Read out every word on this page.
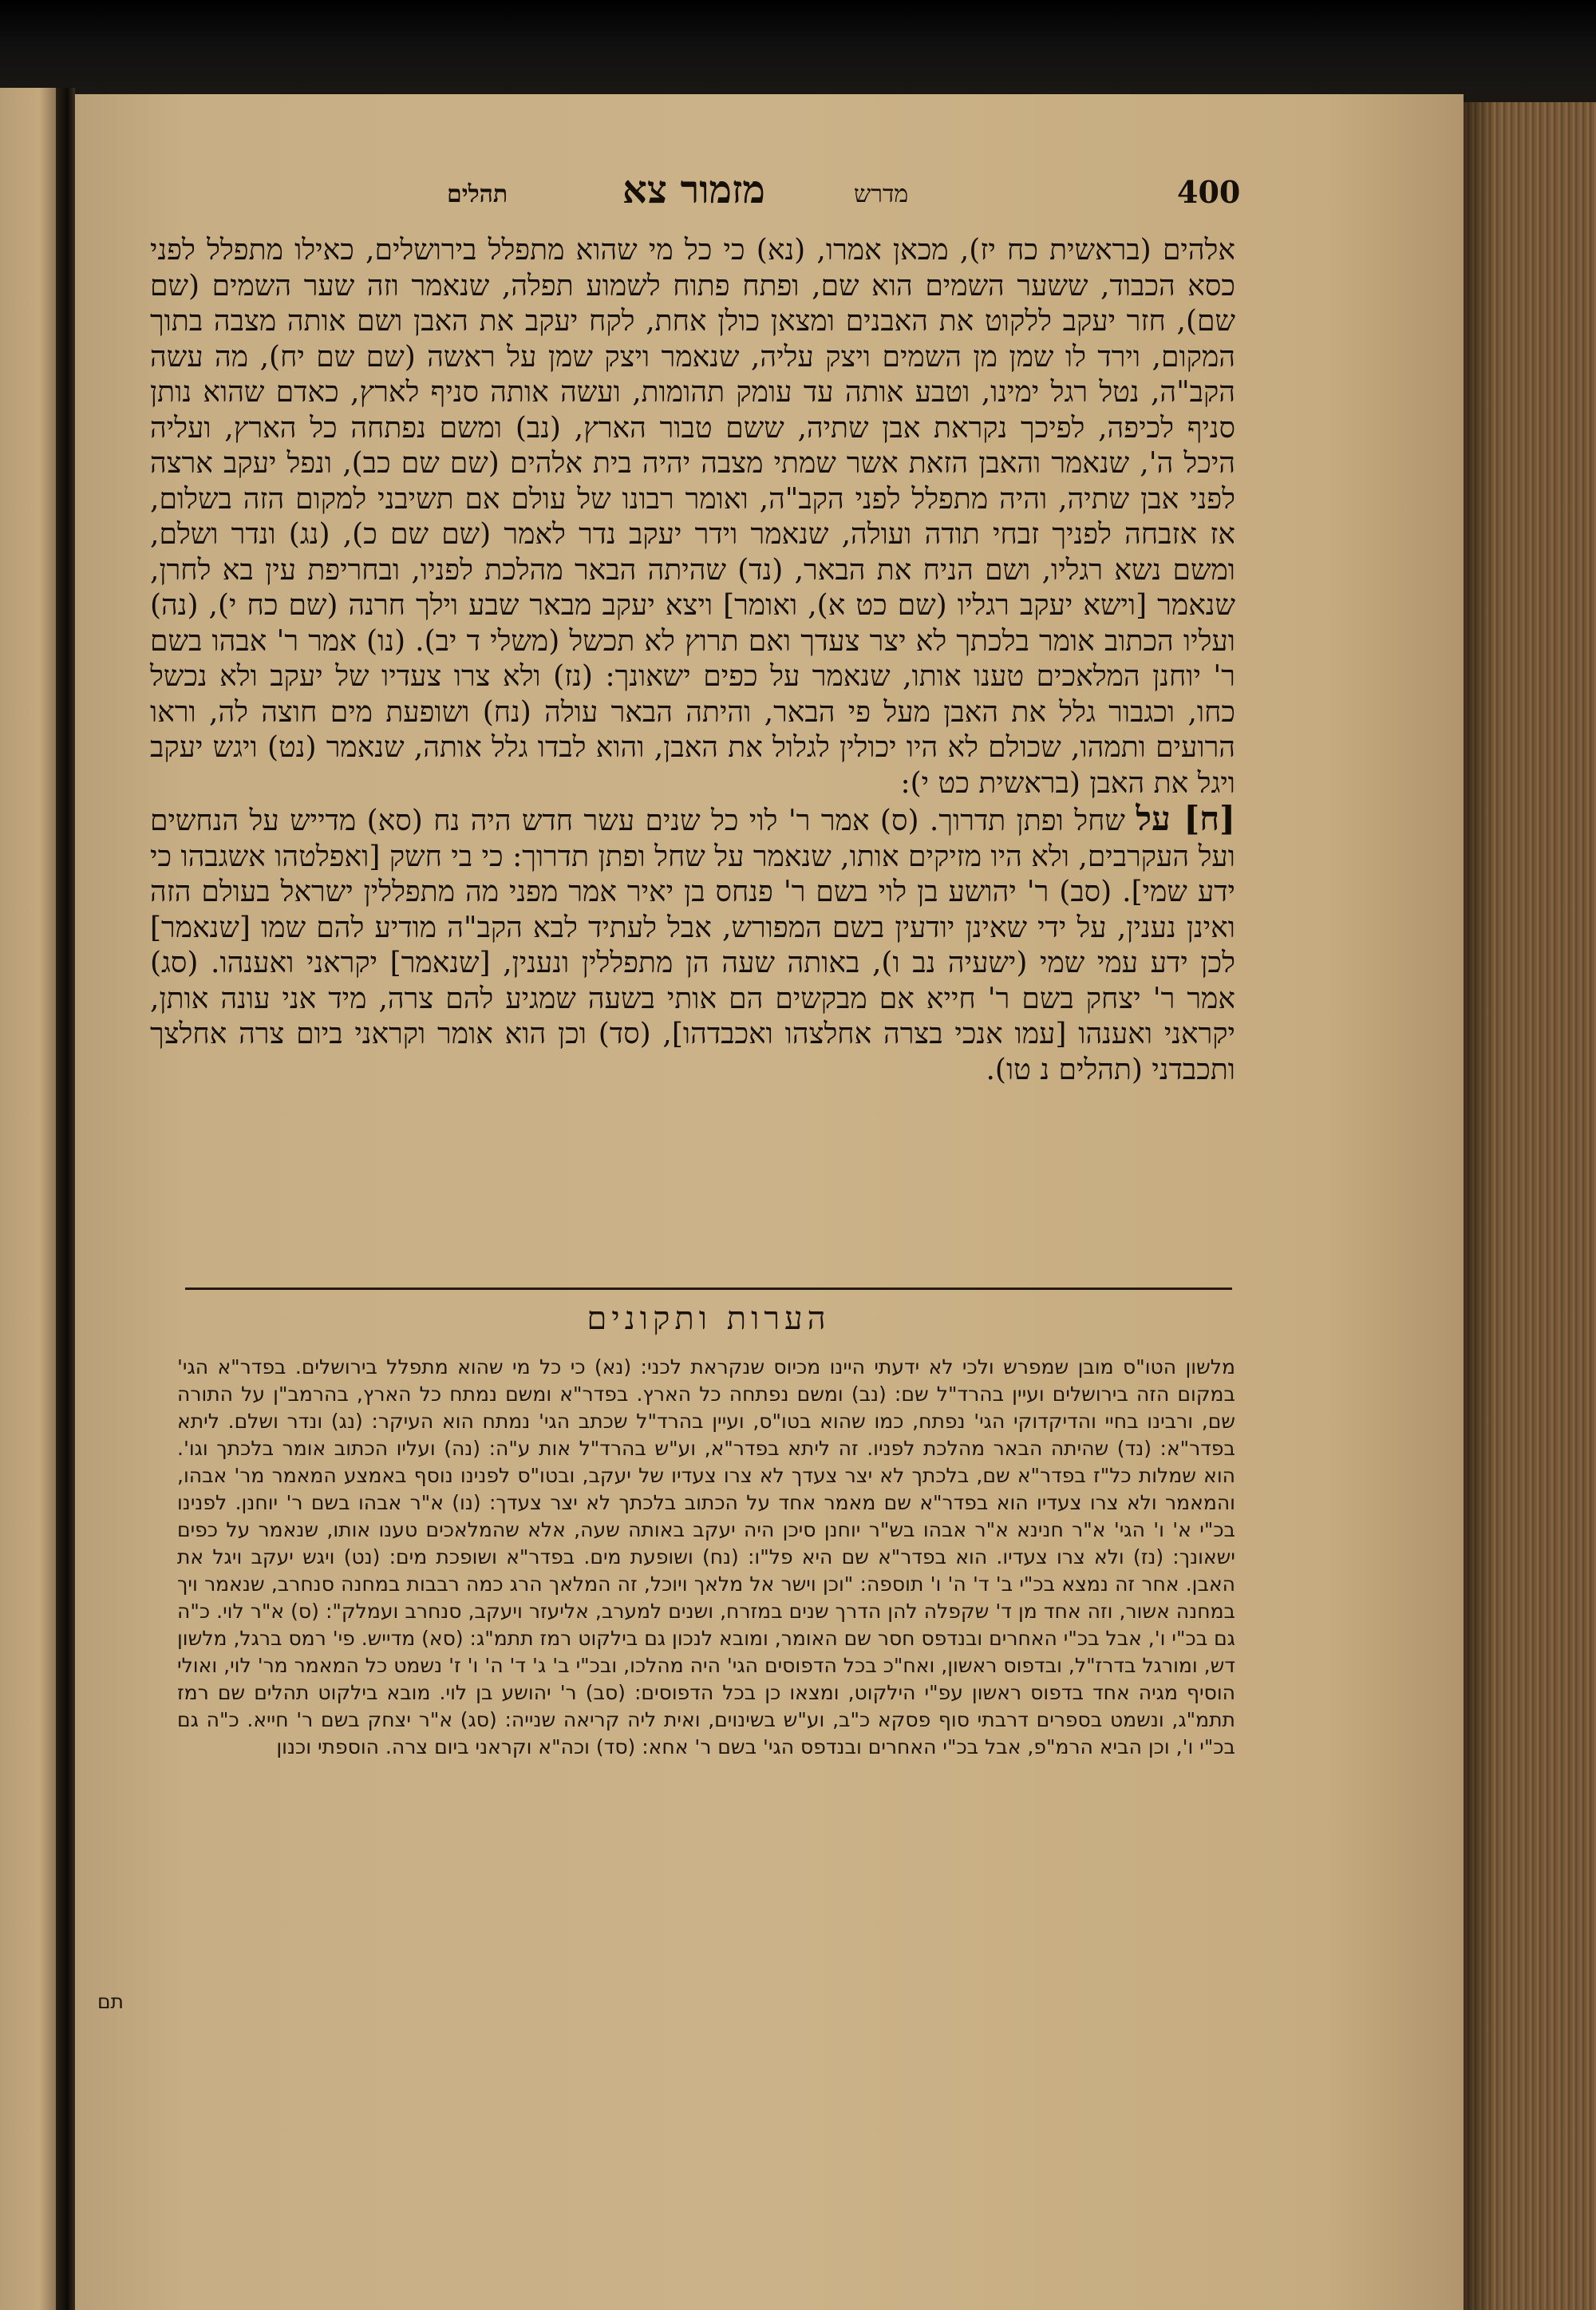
400
מדרש
מזמור צא
תהלים

אלהים (בראשית כח יז), מכאן אמרו, (נא) כי כל מי שהוא מתפלל בירושלים, כאילו מתפלל לפני כסא הכבוד, ששער השמים הוא שם, ופתח פתוח לשמוע תפלה, שנאמר וזה שער השמים (שם שם), חזר יעקב ללקוט את האבנים ומצאן כולן אחת, לקח יעקב את האבן ושם אותה מצבה בתוך המקום, וירד לו שמן מן השמים ויצק עליה, שנאמר ויצק שמן על ראשה (שם שם יח), מה עשה הקב"ה, נטל רגל ימינו, וטבע אותה עד עומק תהומות, ועשה אותה סניף לארץ, כאדם שהוא נותן סניף לכיפה, לפיכך נקראת אבן שתיה, ששם טבור הארץ, (נב) ומשם נפתחה כל הארץ, ועליה היכל ה', שנאמר והאבן הזאת אשר שמתי מצבה יהיה בית אלהים (שם שם כב), ונפל יעקב ארצה לפני אבן שתיה, והיה מתפלל לפני הקב"ה, ואומר רבונו של עולם אם תשיבני למקום הזה בשלום, אז אזבחה לפניך זבחי תודה ועולה, שנאמר וידר יעקב נדר לאמר (שם שם כ), (נג) ונדר ושלם, ומשם נשא רגליו, ושם הניח את הבאר, (נד) שהיתה הבאר מהלכת לפניו, ובחריפת עין בא לחרן, שנאמר [וישא יעקב רגליו (שם כט א), ואומר] ויצא יעקב מבאר שבע וילך חרנה (שם כח י), (נה) ועליו הכתוב אומר בלכתך לא יצר צעדך ואם תרוץ לא תכשל (משלי ד יב). (נו) אמר ר' אבהו בשם ר' יוחנן המלאכים טענו אותו, שנאמר על כפים ישאונך: (נז) ולא צרו צעדיו של יעקב ולא נכשל כחו, וכגבור גלל את האבן מעל פי הבאר, והיתה הבאר עולה (נח) ושופעת מים חוצה לה, וראו הרועים ותמהו, שכולם לא היו יכולין לגלול את האבן, והוא לבדו גלל אותה, שנאמר (נט) ויגש יעקב ויגל את האבן (בראשית כט י):

[ח] על שחל ופתן תדרוך. (ס) אמר ר' לוי כל שנים עשר חדש היה נח (סא) מדייש על הנחשים ועל העקרבים, ולא היו מזיקים אותו, שנאמר על שחל ופתן תדרוך: כי בי חשק [ואפלטהו אשגבהו כי ידע שמי]. (סב) ר' יהושע בן לוי בשם ר' פנחס בן יאיר אמר מפני מה מתפללין ישראל בעולם הזה ואינן נענין, על ידי שאינן יודעין בשם המפורש, אבל לעתיד לבא הקב"ה מודיע להם שמו [שנאמר] לכן ידע עמי שמי (ישעיה נב ו), באותה שעה הן מתפללין ונענין, [שנאמר] יקראני ואענהו. (סג) אמר ר' יצחק בשם ר' חייא אם מבקשים הם אותי בשעה שמגיע להם צרה, מיד אני עונה אותן, יקראני ואענהו [עמו אנכי בצרה אחלצהו ואכבדהו], (סד) וכן הוא אומר וקראני ביום צרה אחלצך ותכבדני (תהלים נ טו).

הערות ותקונים

מלשון הטו"ס מובן שמפרש ולכי לא ידעתי היינו מכיוס שנקראת לכני: (נא) כי כל מי שהוא מתפלל בירושלים. בפדר"א הגי' במקום הזה בירושלים ועיין בהרד"ל שם: (נב) ומשם נפתחה כל הארץ. בפדר"א ומשם נמתח כל הארץ, בהרמב"ן על התורה שם, ורבינו בחיי והדיקדוקי הגי' נפתח, כמו שהוא בטו"ס, ועיין בהרד"ל שכתב הגי' נמתח הוא העיקר: (נג) ונדר ושלם. ליתא בפדר"א: (נד) שהיתה הבאר מהלכת לפניו. זה ליתא בפדר"א, וע"ש בהרד"ל אות ע"ה: (נה) ועליו הכתוב אומר בלכתך וגו'. הוא שמלות כל"ז בפדר"א שם, בלכתך לא יצר צעדך לא צרו צעדיו של יעקב, ובטו"ס לפנינו נוסף באמצע המאמר מר' אבהו, והמאמר ולא צרו צעדיו הוא בפדר"א שם מאמר אחד על הכתוב בלכתך לא יצר צעדך: (נו) א"ר אבהו בשם ר' יוחנן. לפנינו בכ"י א' ו' הגי' א"ר חנינא א"ר אבהו בש"ר יוחנן סיכן היה יעקב באותה שעה, אלא שהמלאכים טענו אותו, שנאמר על כפים ישאונך: (נז) ולא צרו צעדיו. הוא בפדר"א שם היא פל"ו: (נח) ושופעת מים. בפדר"א ושופכת מים: (נט) ויגש יעקב ויגל את האבן. אחר זה נמצא בכ"י ב' ד' ה' ו' תוספה: "וכן וישר אל מלאך ויוכל, זה המלאך הרג כמה רבבות במחנה סנחרב, שנאמר ויך במחנה אשור, וזה אחד מן ד' שקפלה להן הדרך שנים במזרח, ושנים למערב, אליעזר ויעקב, סנחרב ועמלק": (ס) א"ר לוי. כ"ה גם בכ"י ו', אבל בכ"י האחרים ובנדפס חסר שם האומר, ומובא לנכון גם בילקוט רמז תתמ"ג: (סא) מדייש. פי' רמס ברגל, מלשון דש, ומורגל בדרז"ל, ובדפוס ראשון, ואח"כ בכל הדפוסים הגי' היה מהלכו, ובכ"י ב' ג' ד' ה' ו' ז' נשמט כל המאמר מר' לוי, ואולי הוסיף מגיה אחד בדפוס ראשון עפ"י הילקוט, ומצאו כן בכל הדפוסים: (סב) ר' יהושע בן לוי. מובא בילקוט תהלים שם רמז תתמ"ג, ונשמט בספרים דרבתי סוף פסקא כ"ב, וע"ש בשינוים, ואית ליה קריאה שנייה: (סג) א"ר יצחק בשם ר' חייא. כ"ה גם בכ"י ו', וכן הביא הרמ"פ, אבל בכ"י האחרים ובנדפס הגי' בשם ר' אחא: (סד) וכה"א וקראני ביום צרה. הוספתי וכנון

תם
